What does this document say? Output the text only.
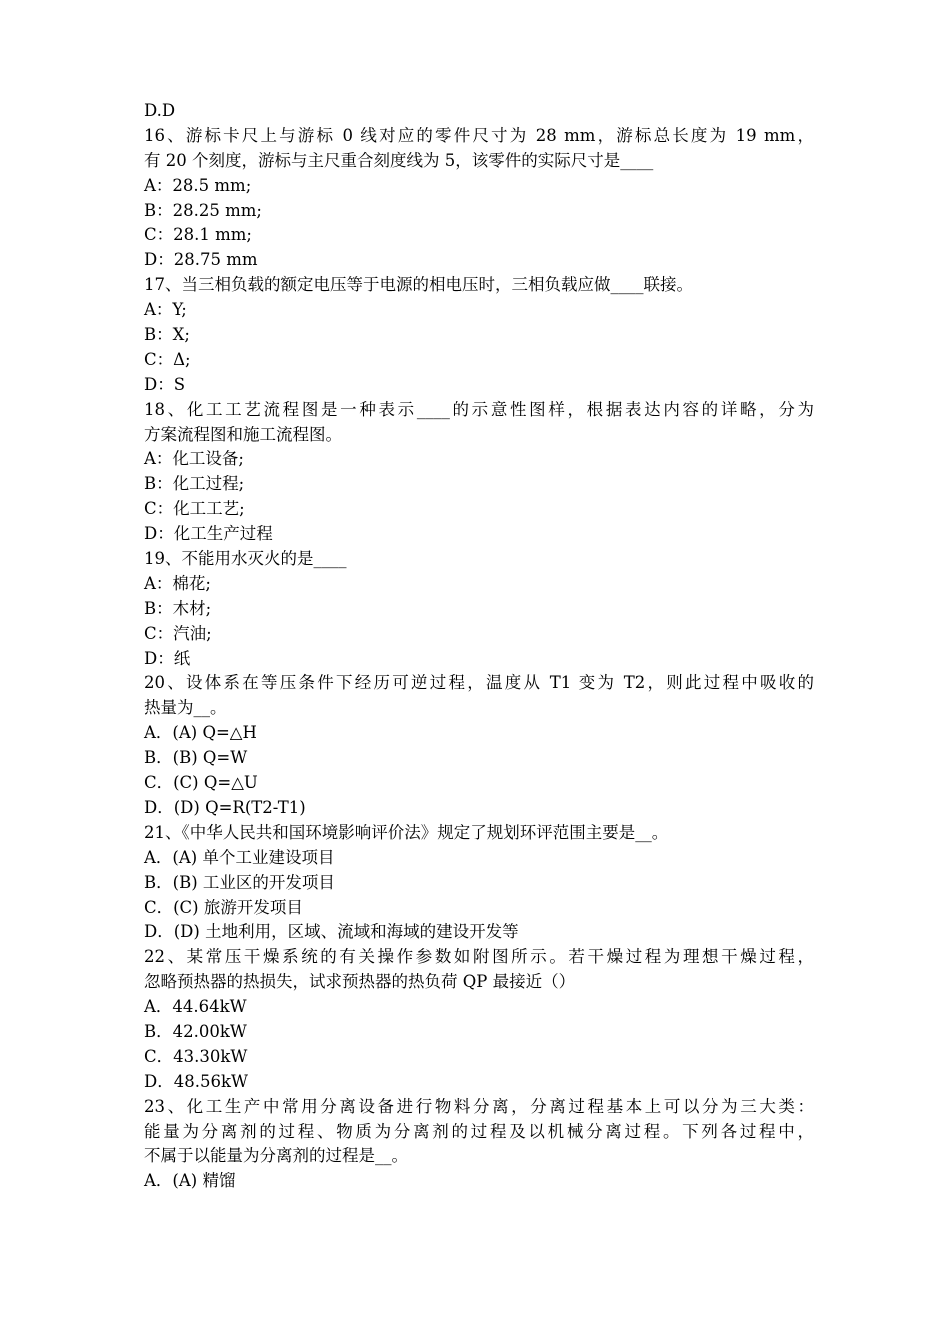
D.D
16、游标卡尺上与游标 0 线对应的零件尺寸为 28 mm，游标总长度为 19 mm，
有 20 个刻度，游标与主尺重合刻度线为 5，该零件的实际尺寸是____
A：28.5 mm;
B：28.25 mm;
C：28.1 mm;
D：28.75 mm
17、当三相负载的额定电压等于电源的相电压时，三相负载应做____联接。
A：Y;
B：X;
C：Δ;
D：S
18、化工工艺流程图是一种表示____的示意性图样，根据表达内容的详略，分为
方案流程图和施工流程图。
A：化工设备;
B：化工过程;
C：化工工艺;
D：化工生产过程
19、不能用水灭火的是____
A：棉花;
B：木材;
C：汽油;
D：纸
20、设体系在等压条件下经历可逆过程，温度从 T1 变为 T2，则此过程中吸收的
热量为__。
A．(A) Q=△H
B．(B) Q=W
C．(C) Q=△U
D．(D) Q=R(T2-T1)
21、《中华人民共和国环境影响评价法》规定了规划环评范围主要是__。
A．(A) 单个工业建设项目
B．(B) 工业区的开发项目
C．(C) 旅游开发项目
D．(D) 土地利用，区域、流域和海域的建设开发等
22、某常压干燥系统的有关操作参数如附图所示。若干燥过程为理想干燥过程，
忽略预热器的热损失，试求预热器的热负荷 QP 最接近（）
A．44.64kW
B．42.00kW
C．43.30kW
D．48.56kW
23、化工生产中常用分离设备进行物料分离，分离过程基本上可以分为三大类：
能量为分离剂的过程、物质为分离剂的过程及以机械分离过程。下列各过程中，
不属于以能量为分离剂的过程是__。
A．(A) 精馏
